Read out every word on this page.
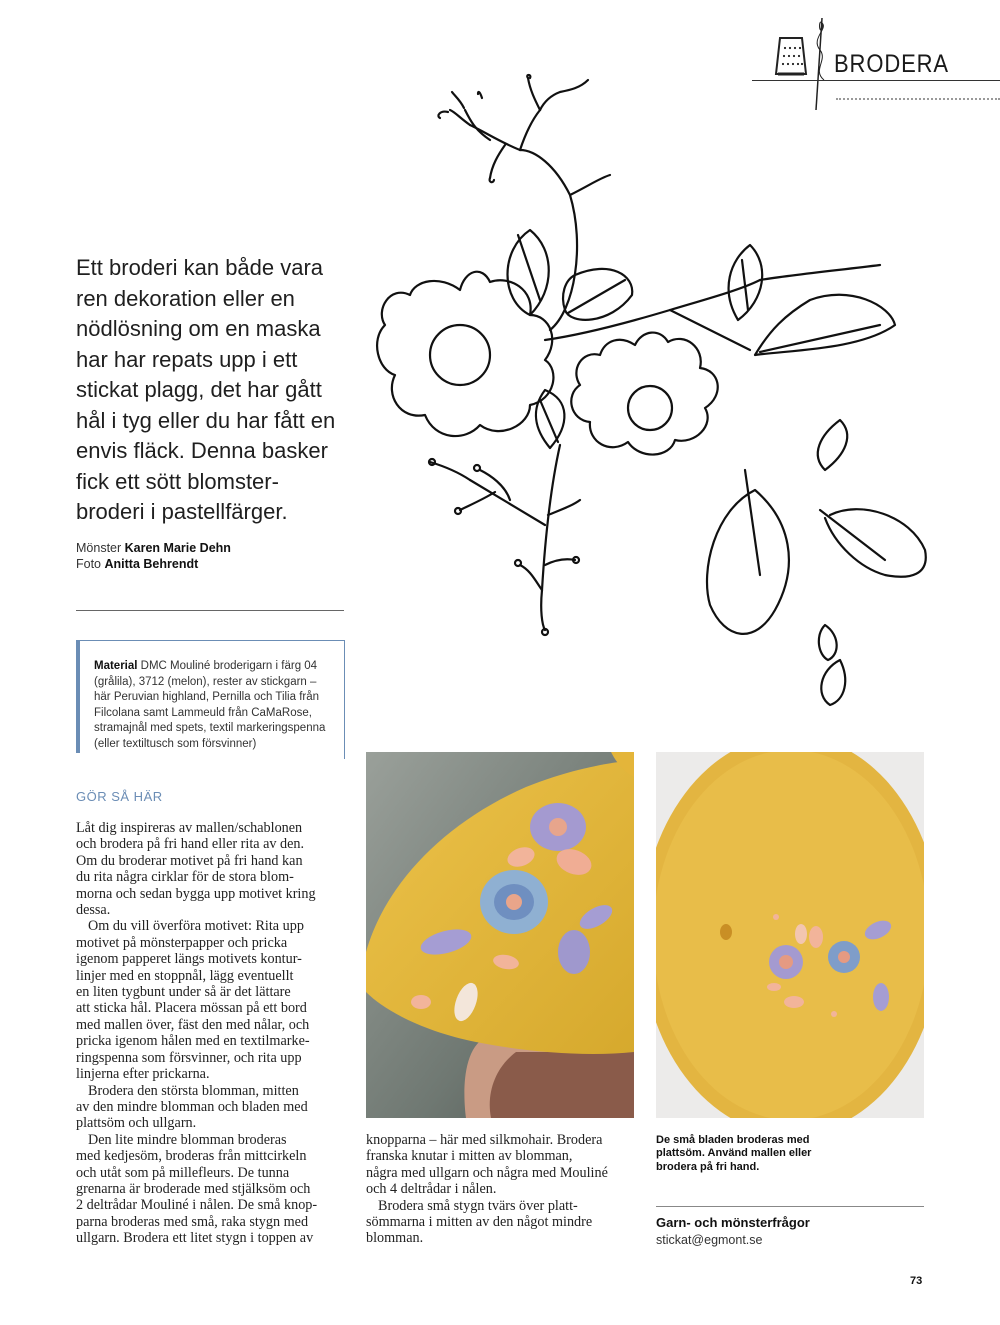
BRODERA
Ett broderi kan både vara
ren dekoration eller en
nödlösning om en maska
har har repats upp i ett
stickat plagg, det har gått
hål i tyg eller du har fått en
envis fläck. Denna basker
fick ett sött blomster-
broderi i pastellfärger.
Mönster Karen Marie Dehn
Foto Anitta Behrendt
Material DMC Mouliné broderigarn i färg 04
(grålila), 3712 (melon), rester av stickgarn –
här Peruvian highland, Pernilla och Tilia från
Filcolana samt Lammeuld från CaMaRose,
stramajnål med spets, textil markeringspenna
(eller textiltusch som försvinner)
GÖR SÅ HÄR

Låt dig inspireras av mallen/schablonen
och brodera på fri hand eller rita av den.
Om du broderar motivet på fri hand kan
du rita några cirklar för de stora blom-
morna och sedan bygga upp motivet kring
dessa.

Om du vill överföra motivet: Rita upp
motivet på mönsterpapper och pricka
igenom papperet längs motivets kontur-
linjer med en stoppnål, lägg eventuellt
en liten tygbunt under så är det lättare
att sticka hål. Placera mössan på ett bord
med mallen över, fäst den med nålar, och
pricka igenom hålen med en textilmarke-
ringspenna som försvinner, och rita upp
linjerna efter prickarna.

Brodera den största blomman, mitten
av den mindre blomman och bladen med
plattsöm och ullgarn.

Den lite mindre blomman broderas
med kedjesöm, broderas från mittcirkeln
och utåt som på millefleurs. De tunna
grenarna är broderade med stjälksöm och
2 deltrådar Mouliné i nålen. De små knop-
parna broderas med små, raka stygn med
ullgarn. Brodera ett litet stygn i toppen av

knopparna – här med silkmohair. Brodera
franska knutar i mitten av blomman,
några med ullgarn och några med Mouliné
och 4 deltrådar i nålen.

Brodera små stygn tvärs över platt-
sömmarna i mitten av den något mindre
blomman.

De små bladen broderas med
plattsöm. Använd mallen eller
brodera på fri hand.
Garn- och mönsterfrågor
stickat@egmont.se
73
